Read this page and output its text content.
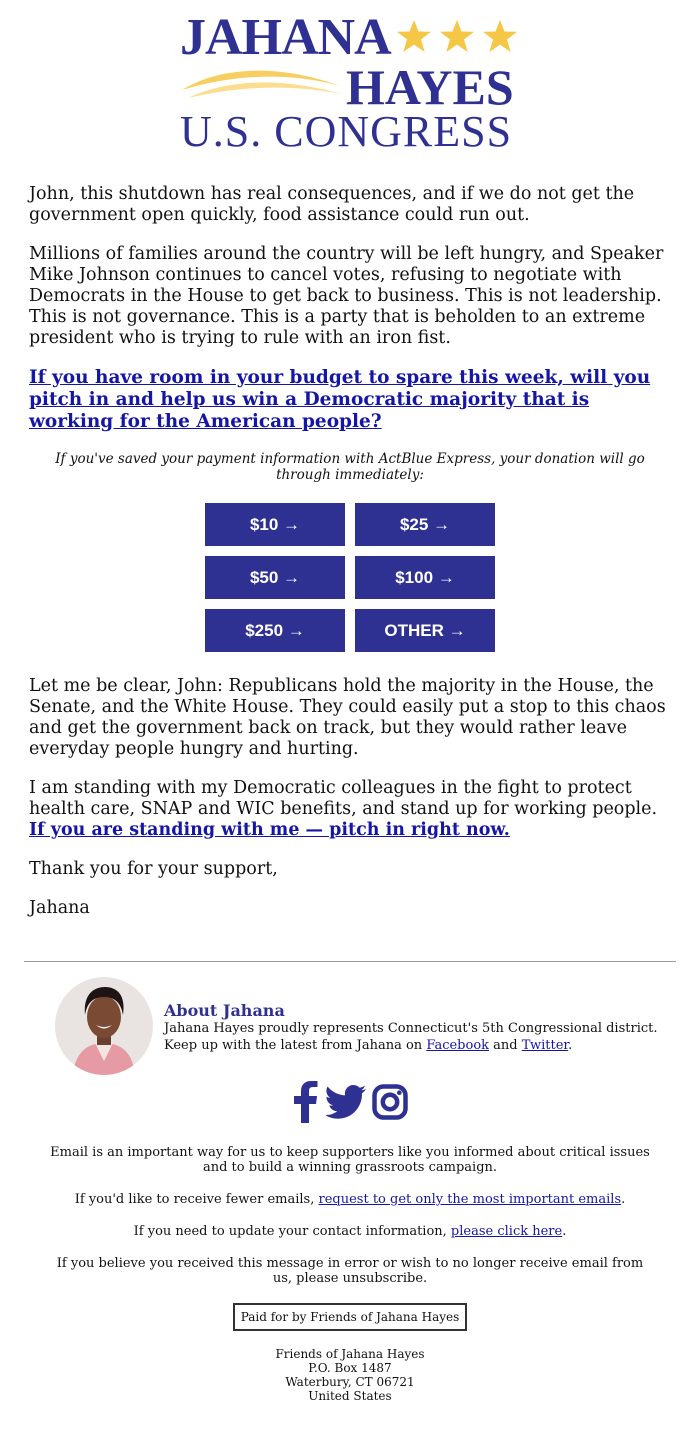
JAHANA
HAYES
U.S. CONGRESS

John, this shutdown has real consequences, and if we do not get the government open quickly, food assistance could run out.

Millions of families around the country will be left hungry, and Speaker Mike Johnson continues to cancel votes, refusing to negotiate with Democrats in the House to get back to business. This is not leadership. This is not governance. This is a party that is beholden to an extreme president who is trying to rule with an iron fist.

If you have room in your budget to spare this week, will you pitch in and help us win a Democratic majority that is working for the American people?

If you've saved your payment information with ActBlue Express, your donation will go through immediately:

$10 →	$25 →
$50 →	$100 →
$250 →	OTHER →

Let me be clear, John: Republicans hold the majority in the House, the Senate, and the White House. They could easily put a stop to this chaos and get the government back on track, but they would rather leave everyday people hungry and hurting.

I am standing with my Democratic colleagues in the fight to protect health care, SNAP and WIC benefits, and stand up for working people. If you are standing with me — pitch in right now.

Thank you for your support,

Jahana

About Jahana
Jahana Hayes proudly represents Connecticut's 5th Congressional district.
Keep up with the latest from Jahana on Facebook and Twitter.

Email is an important way for us to keep supporters like you informed about critical issues and to build a winning grassroots campaign.

If you'd like to receive fewer emails, request to get only the most important emails.

If you need to update your contact information, please click here.

If you believe you received this message in error or wish to no longer receive email from us, please unsubscribe.

Paid for by Friends of Jahana Hayes

Friends of Jahana Hayes
P.O. Box 1487
Waterbury, CT 06721
United States
